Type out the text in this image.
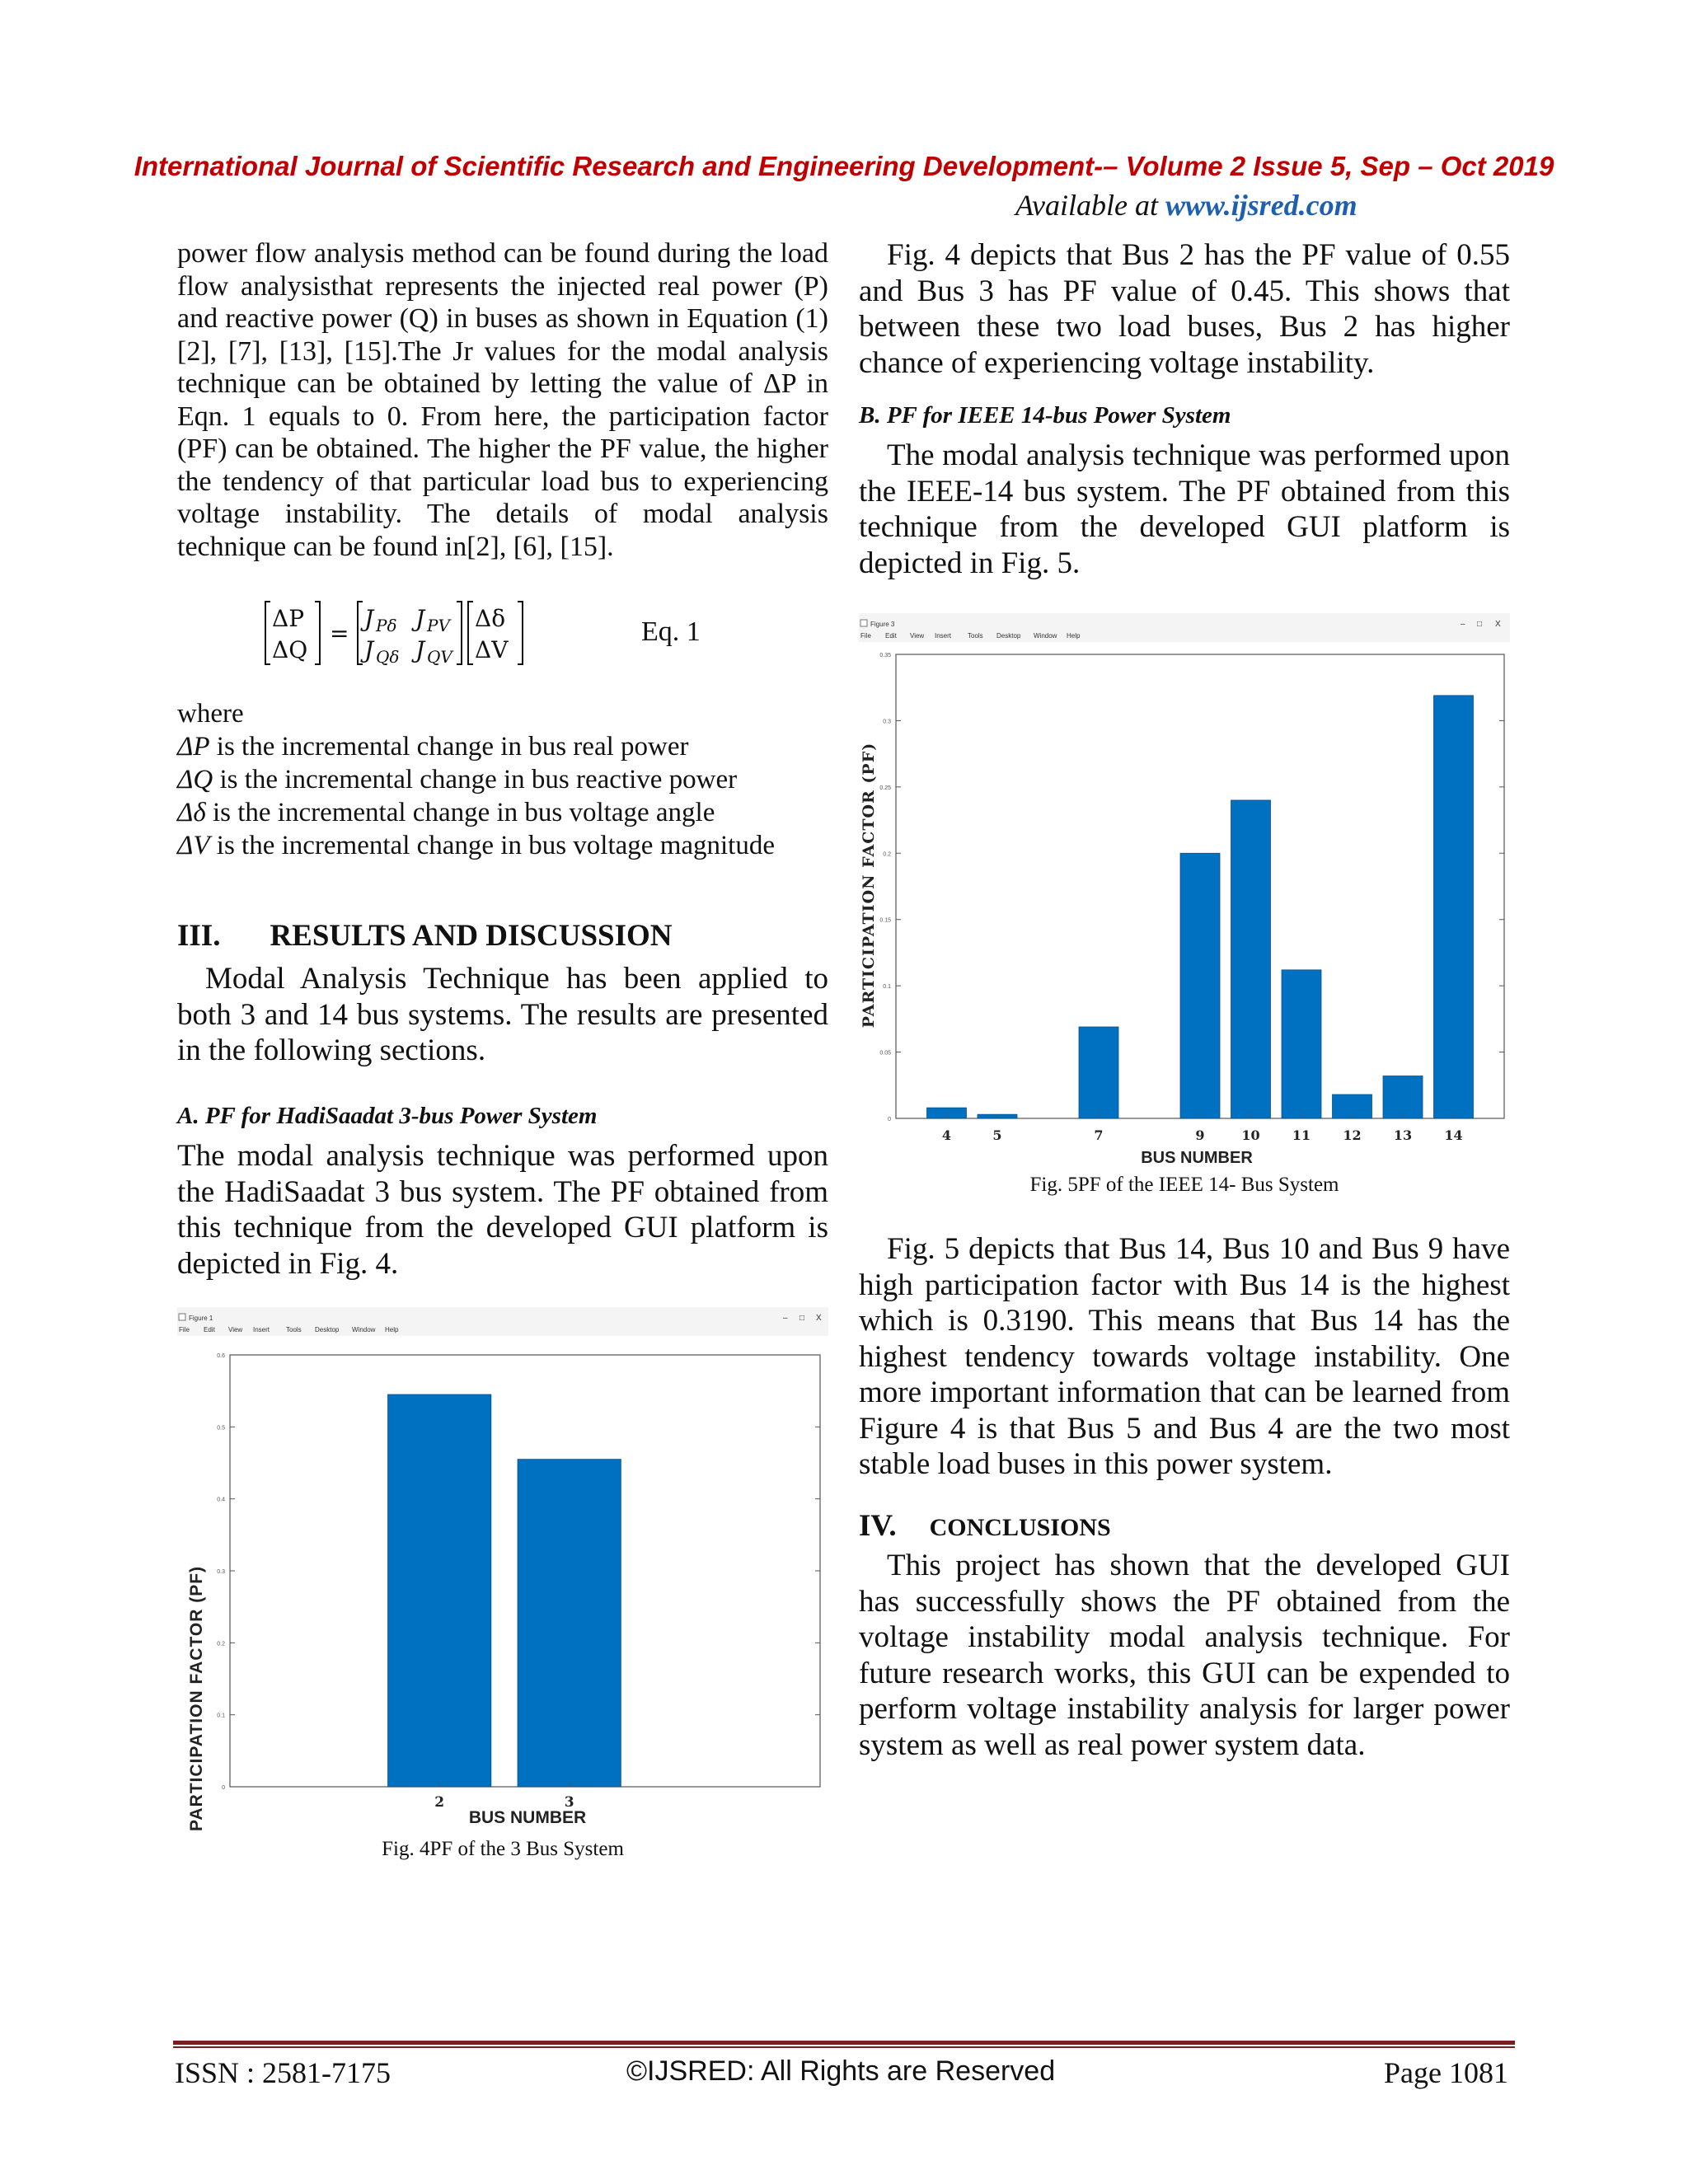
International Journal of Scientific Research and Engineering Development-– Volume 2 Issue 5, Sep – Oct 2019
Available at www.ijsred.com

power flow analysis method can be found during the load flow analysisthat represents the injected real power (P) and reactive power (Q) in buses as shown in Equation (1)[2], [7], [13], [15].The Jr values for the modal analysis technique can be obtained by letting the value of ΔP in Eqn. 1 equals to 0. From here, the participation factor (PF) can be obtained. The higher the PF value, the higher the tendency of that particular load bus to experiencing voltage instability. The details of modal analysis technique can be found in[2], [6], [15].

ΔP
ΔQ
=
J Pδ J PV
J Qδ J QV
Δδ
ΔV
Eq. 1

where

ΔP is the incremental change in bus real power

ΔQ is the incremental change in bus reactive power

Δδ is the incremental change in bus voltage angle

ΔV is the incremental change in bus voltage magnitude

III. RESULTS AND DISCUSSION

Modal Analysis Technique has been applied to both 3 and 14 bus systems. The results are presented in the following sections.

A. PF for HadiSaadat 3-bus Power System

The modal analysis technique was performed upon the HadiSaadat 3 bus system. The PF obtained from this technique from the developed GUI platform is depicted in Fig. 4.

Figure 1	– □ X
File Edit View Insert Tools Desktop Window Help
0
0.1
0.2
0.3
0.4
0.5
0.6
2	3
PARTICIPATION FACTOR (PF)	BUS NUMBER
Fig. 4PF of the 3 Bus System

Fig. 4 depicts that Bus 2 has the PF value of 0.55 and Bus 3 has PF value of 0.45. This shows that between these two load buses, Bus 2 has higher chance of experiencing voltage instability.

B. PF for IEEE 14-bus Power System

The modal analysis technique was performed upon the IEEE-14 bus system. The PF obtained from this technique from the developed GUI platform is depicted in Fig. 5.

Figure 3	– □ X
File Edit View Insert Tools Desktop Window Help
0
0.05
0.1
0.15
0.2
0.25
0.3
0.35
4	5	7	9	10 11 12 13 14
PARTICIPATION FACTOR (PF)
BUS NUMBER
Fig. 5PF of the IEEE 14- Bus System

Fig. 5 depicts that Bus 14, Bus 10 and Bus 9 have high participation factor with Bus 14 is the highest which is 0.3190. This means that Bus 14 has the highest tendency towards voltage instability. One more important information that can be learned from Figure 4 is that Bus 5 and Bus 4 are the two most stable load buses in this power system.

IV. CONCLUSIONS

This project has shown that the developed GUI has successfully shows the PF obtained from the voltage instability modal analysis technique. For future research works, this GUI can be expended to perform voltage instability analysis for larger power system as well as real power system data.

ISSN : 2581-7175	©IJSRED: All Rights are Reserved	Page 1081
